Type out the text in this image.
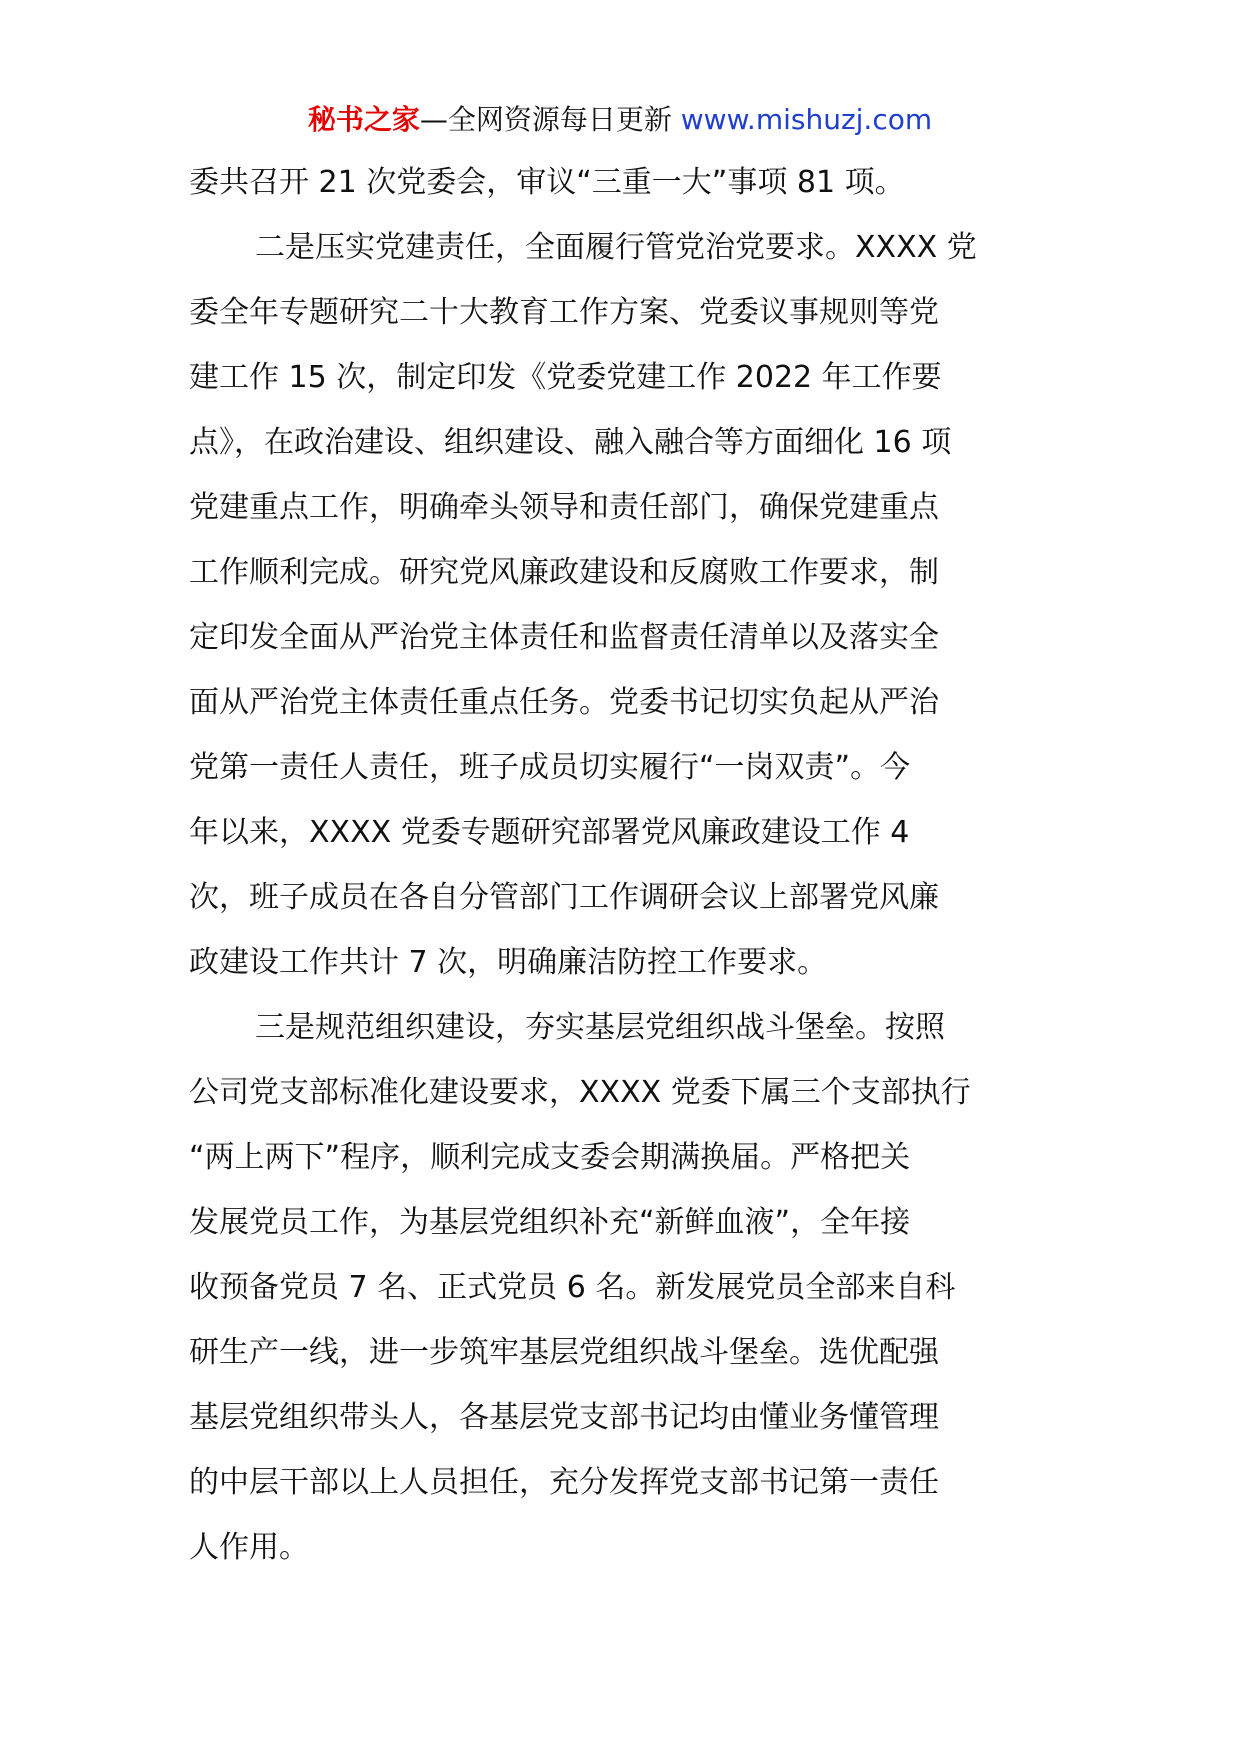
秘书之家—全网资源每日更新 www.mishuzj.com
委共召开 21 次党委会，审议“三重一大”事项 81 项。
二是压实党建责任，全面履行管党治党要求。XXXX 党
委全年专题研究二十大教育工作方案、党委议事规则等党
建工作 15 次，制定印发《党委党建工作 2022 年工作要
点》，在政治建设、组织建设、融入融合等方面细化 16 项
党建重点工作，明确牵头领导和责任部门，确保党建重点
工作顺利完成。研究党风廉政建设和反腐败工作要求，制
定印发全面从严治党主体责任和监督责任清单以及落实全
面从严治党主体责任重点任务。党委书记切实负起从严治
党第一责任人责任，班子成员切实履行“一岗双责”。今
年以来，XXXX 党委专题研究部署党风廉政建设工作 4
次，班子成员在各自分管部门工作调研会议上部署党风廉
政建设工作共计 7 次，明确廉洁防控工作要求。
三是规范组织建设，夯实基层党组织战斗堡垒。按照
公司党支部标准化建设要求，XXXX 党委下属三个支部执行
“两上两下”程序，顺利完成支委会期满换届。严格把关
发展党员工作，为基层党组织补充“新鲜血液”，全年接
收预备党员 7 名、正式党员 6 名。新发展党员全部来自科
研生产一线，进一步筑牢基层党组织战斗堡垒。选优配强
基层党组织带头人，各基层党支部书记均由懂业务懂管理
的中层干部以上人员担任，充分发挥党支部书记第一责任
人作用。
